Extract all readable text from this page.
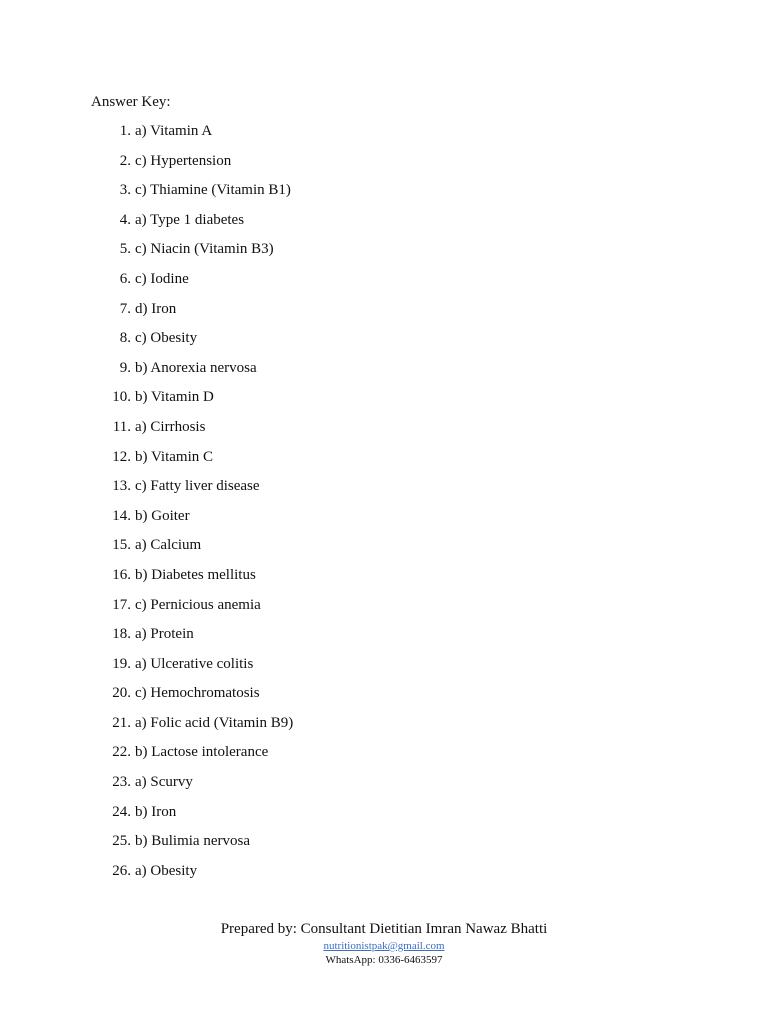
Answer Key:
1. a) Vitamin A
2. c) Hypertension
3. c) Thiamine (Vitamin B1)
4. a) Type 1 diabetes
5. c) Niacin (Vitamin B3)
6. c) Iodine
7. d) Iron
8. c) Obesity
9. b) Anorexia nervosa
10. b) Vitamin D
11. a) Cirrhosis
12. b) Vitamin C
13. c) Fatty liver disease
14. b) Goiter
15. a) Calcium
16. b) Diabetes mellitus
17. c) Pernicious anemia
18. a) Protein
19. a) Ulcerative colitis
20. c) Hemochromatosis
21. a) Folic acid (Vitamin B9)
22. b) Lactose intolerance
23. a) Scurvy
24. b) Iron
25. b) Bulimia nervosa
26. a) Obesity
Prepared by: Consultant Dietitian Imran Nawaz Bhatti
nutritionistpak@gmail.com
WhatsApp: 0336-6463597
